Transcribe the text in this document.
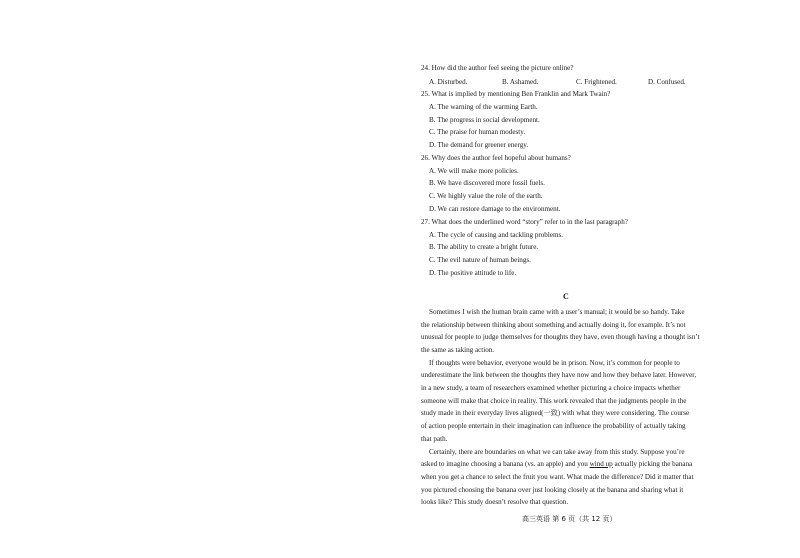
24. How did the author feel seeing the picture online?
A. Disturbed.	B. Ashamed.	C. Frightened.	D. Confused.
25. What is implied by mentioning Ben Franklin and Mark Twain?
A. The warning of the warming Earth.
B. The progress in social development.
C. The praise for human modesty.
D. The demand for greener energy.
26. Why does the author feel hopeful about humans?
A. We will make more policies.
B. We have discovered more fossil fuels.
C. We highly value the role of the earth.
D. We can restore damage to the environment.
27. What does the underlined word “story” refer to in the last paragraph?
A. The cycle of causing and tackling problems.
B. The ability to create a bright future.
C. The evil nature of human beings.
D. The positive attitude to life.
C
Sometimes I wish the human brain came with a user’s manual; it would be so handy. Take
the relationship between thinking about something and actually doing it, for example. It’s not
unusual for people to judge themselves for thoughts they have, even though having a thought isn’t
the same as taking action.
If thoughts were behavior, everyone would be in prison. Now, it’s common for people to
underestimate the link between the thoughts they have now and how they behave later. However,
in a new study, a team of researchers examined whether picturing a choice impacts whether
someone will make that choice in reality. This work revealed that the judgments people in the
study made in their everyday lives aligned(一致) with what they were considering. The course
of action people entertain in their imagination can influence the probability of actually taking
that path.
Certainly, there are boundaries on what we can take away from this study. Suppose you’re
asked to imagine choosing a banana (vs. an apple) and you wind up actually picking the banana
when you get a chance to select the fruit you want. What made the difference? Did it matter that
you pictured choosing the banana over just looking closely at the banana and sharing what it
looks like? This study doesn’t resolve that question.
高三英语 第 6 页（共 12 页）
